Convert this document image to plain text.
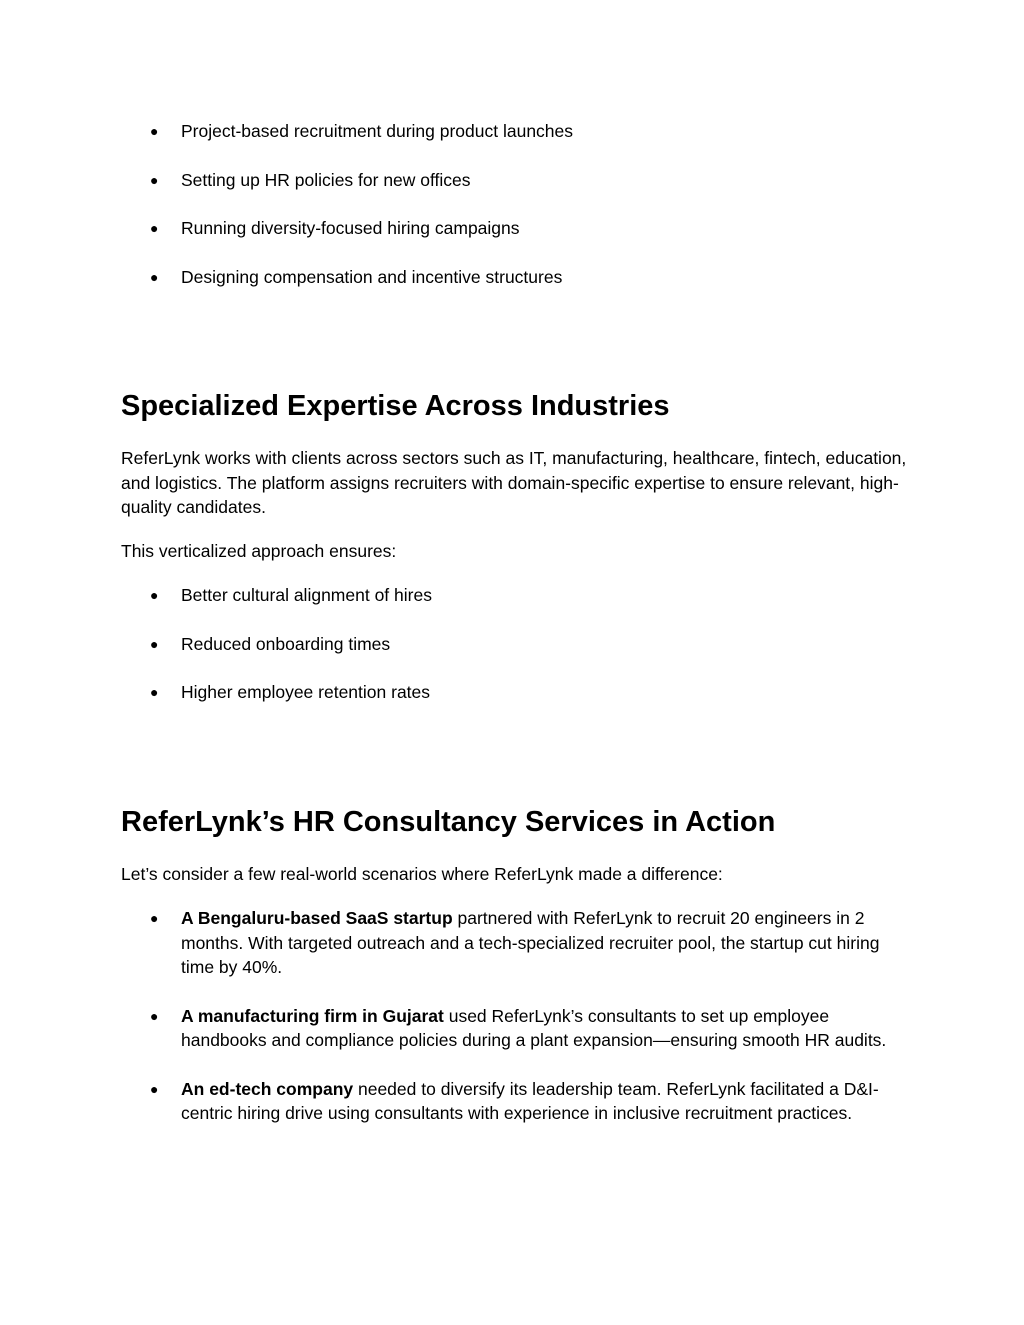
● Project-based recruitment during product launches
● Setting up HR policies for new offices
● Running diversity-focused hiring campaigns
● Designing compensation and incentive structures
Specialized Expertise Across Industries

ReferLynk works with clients across sectors such as IT, manufacturing, healthcare, fintech, education, and logistics. The platform assigns recruiters with domain-specific expertise to ensure relevant, high-quality candidates.

This verticalized approach ensures:

● Better cultural alignment of hires
● Reduced onboarding times
● Higher employee retention rates
ReferLynk’s HR Consultancy Services in Action

Let’s consider a few real-world scenarios where ReferLynk made a difference:

● A Bengaluru-based SaaS startup partnered with ReferLynk to recruit 20 engineers in 2 months. With targeted outreach and a tech-specialized recruiter pool, the startup cut hiring time by 40%.
● A manufacturing firm in Gujarat used ReferLynk’s consultants to set up employee handbooks and compliance policies during a plant expansion—ensuring smooth HR audits.
● An ed-tech company needed to diversify its leadership team. ReferLynk facilitated a D&I-centric hiring drive using consultants with experience in inclusive recruitment practices.
